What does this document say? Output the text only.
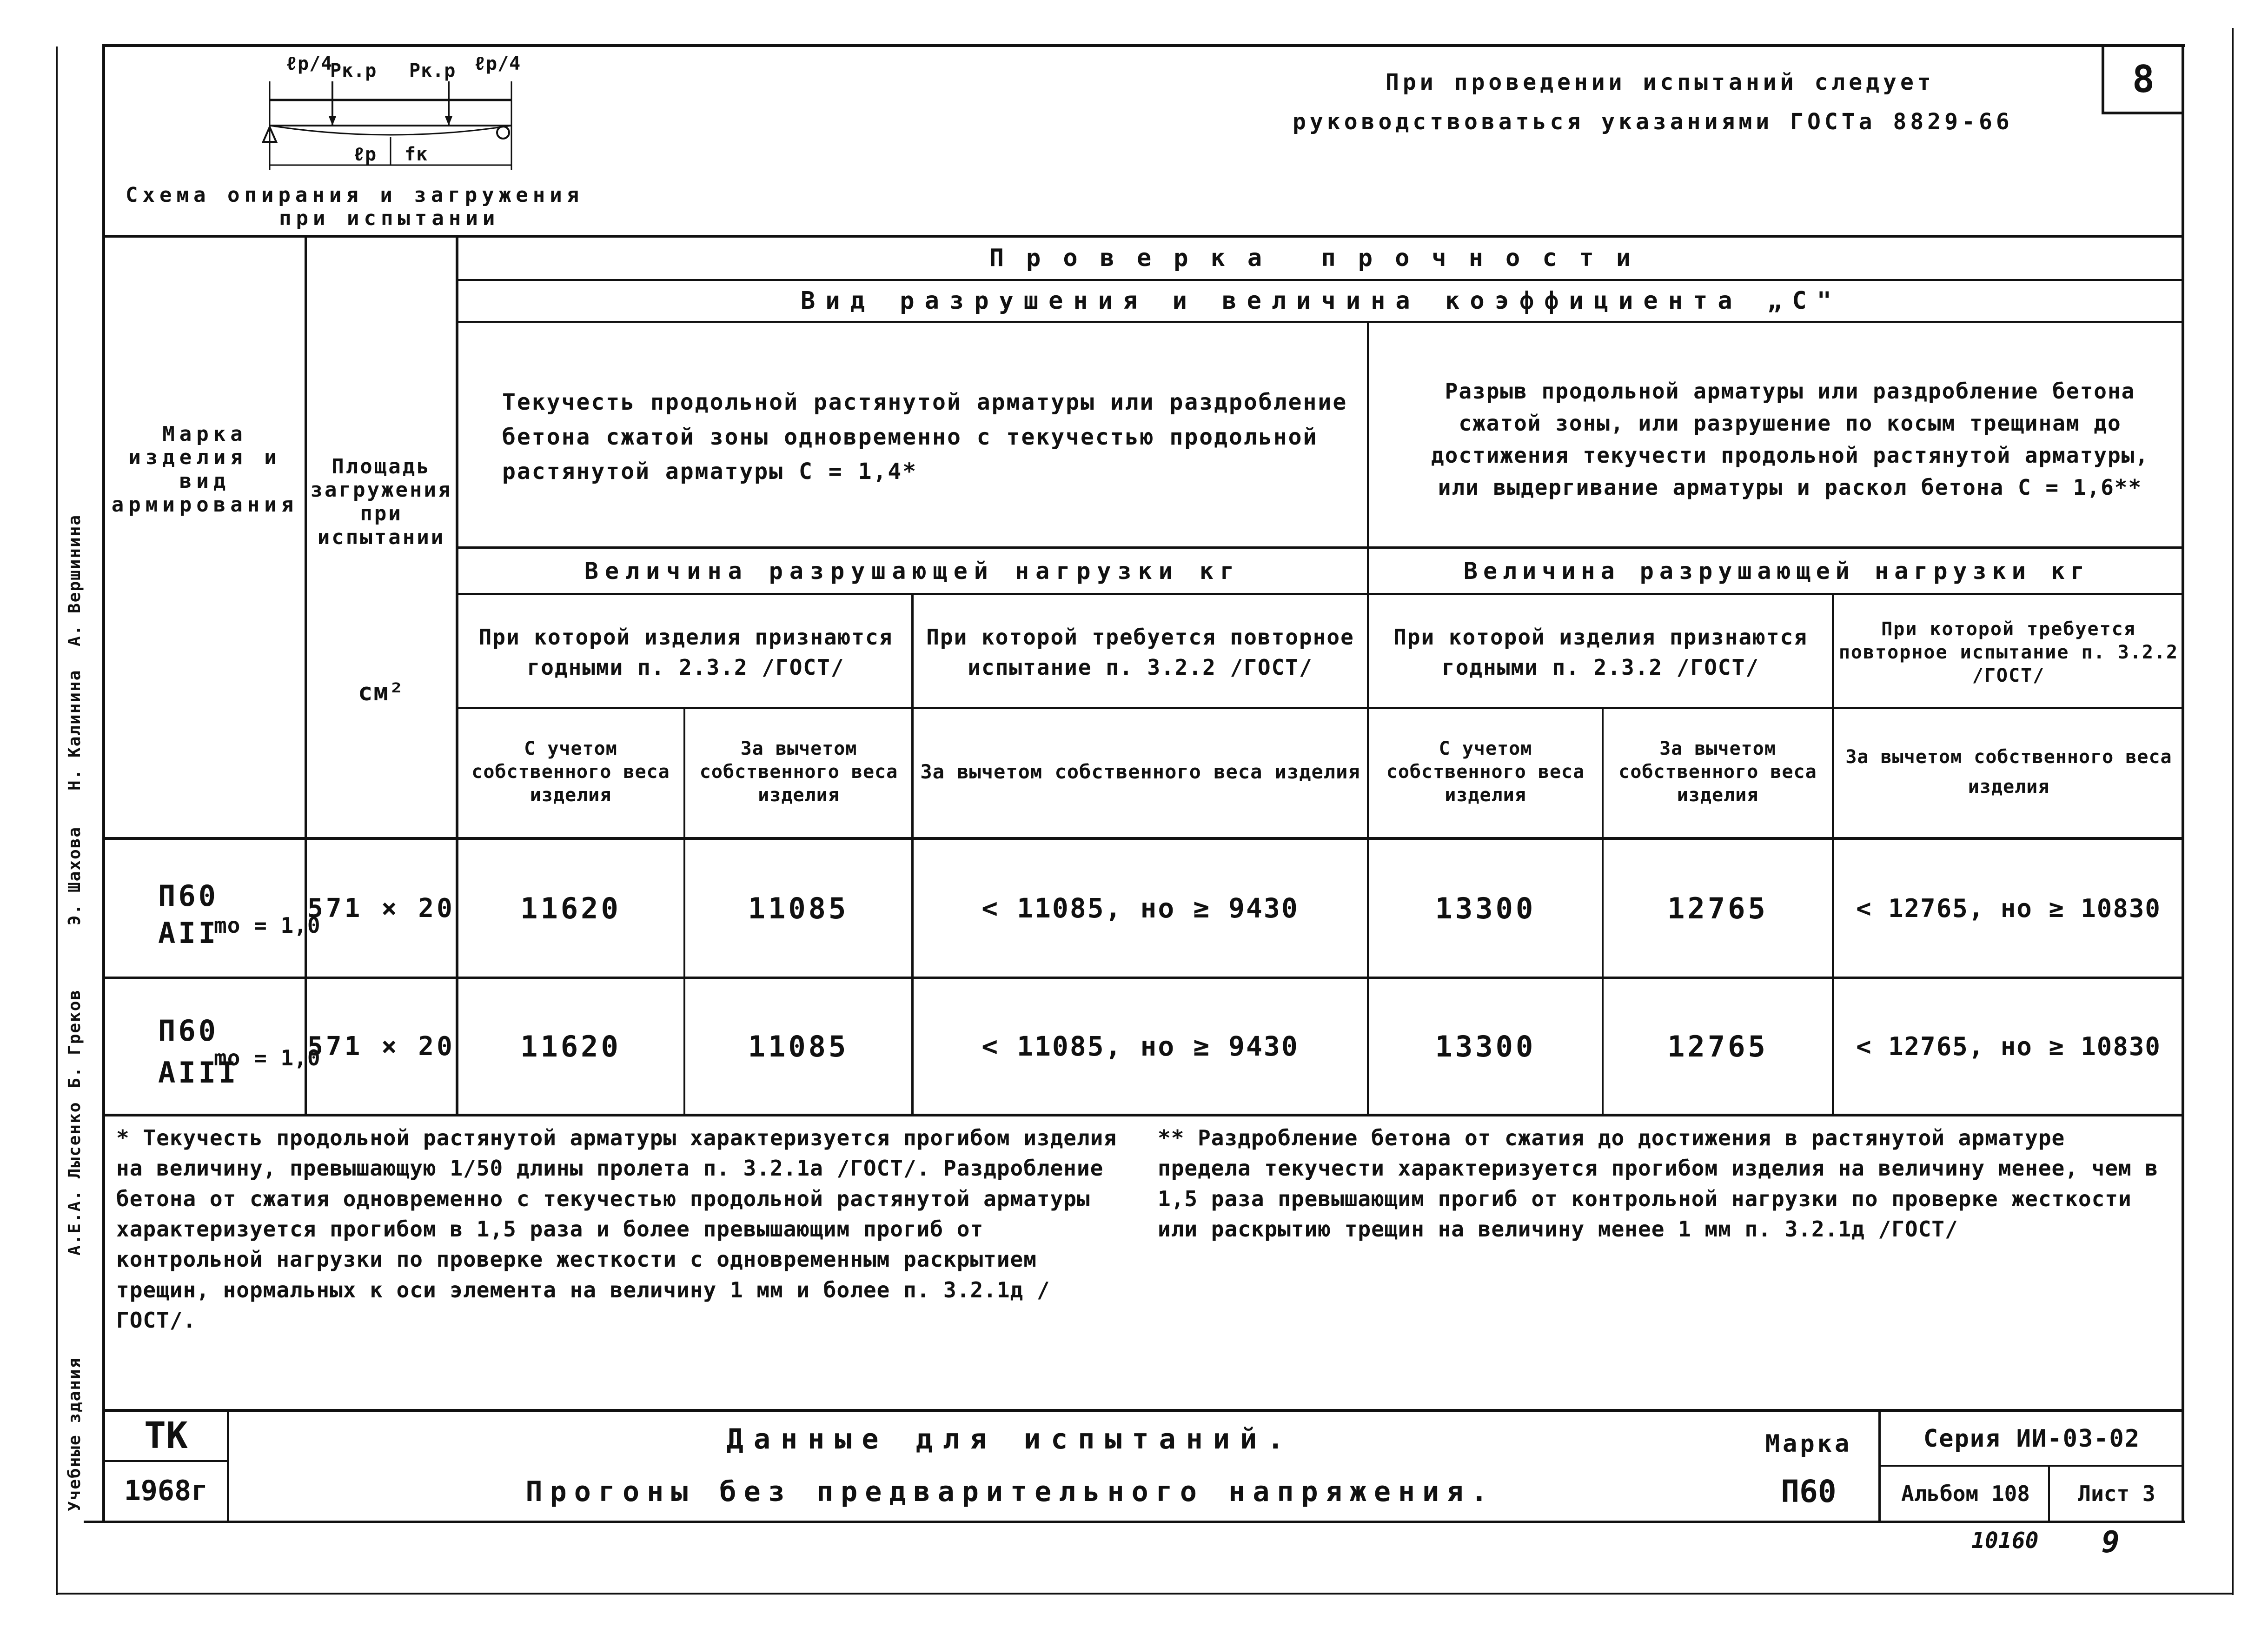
А. Вершинина
Н. Калинина
Э. Шахова
Б. Греков
А.Е.А. Лысенко
Учебные здания
При проведении испытаний следует
руководствоваться указаниями ГОСТа 8829-66
8
ℓр/4
Pк.р Pк.р ℓр/4
ℓр fк
Схема опирания и загружения
при испытании
Марка изделия и вид армирования
Площадь загружения при испытании
см²
Проверка прочности
Вид разрушения и величина коэффициента „С"
Текучесть продольной растянутой арматуры или раздробление бетона сжатой зоны одновременно с текучестью продольной растянутой арматуры С = 1,4*
Разрыв продольной арматуры или раздробление бетона сжатой зоны, или разрушение по косым трещинам до достижения текучести продольной растянутой арматуры, или выдергивание арматуры и раскол бетона С = 1,6**
Величина разрушающей нагрузки кг	Величина разрушающей нагрузки кг
При которой изделия признаются годными п. 2.3.2 /ГОСТ/
При которой требуется повторное испытание п. 3.2.2 /ГОСТ/
При которой изделия признаются годными п. 2.3.2 /ГОСТ/
При которой требуется повторное испытание п. 3.2.2 /ГОСТ/
С учетом собственного веса изделия
За вычетом собственного веса изделия
За вычетом собственного веса изделия
С учетом собственного веса изделия
За вычетом собственного веса изделия
За вычетом собственного веса изделия
П60
АII
mо = 1,0
571 × 20	11620	11085	< 11085, но ≥ 9430	13300	12765	< 12765, но ≥ 10830
П60
АIII
mо = 1,0
571 × 20	11620	11085	< 11085, но ≥ 9430	13300	12765	< 12765, но ≥ 10830
* Текучесть продольной растянутой арматуры характеризуется прогибом изделия на величину, превышающую 1/50 длины пролета п. 3.2.1а /ГОСТ/. Раздробление бетона от сжатия одновременно с текучестью продольной растянутой арматуры характеризуется прогибом в 1,5 раза и более превышающим прогиб от контрольной нагрузки по проверке жесткости с одновременным раскрытием трещин, нормальных к оси элемента на величину 1 мм и более п. 3.2.1д /ГОСТ/.
** Раздробление бетона от сжатия до достижения в растянутой арматуре предела текучести характеризуется прогибом изделия на величину менее, чем в 1,5 раза превышающим прогиб от контрольной нагрузки по проверке жесткости или раскрытию трещин на величину менее 1 мм п. 3.2.1д /ГОСТ/
ТК
1968г
Данные для испытаний.
Прогоны без предварительного напряжения.
Марка
П60
Серия ИИ-03-02
Альбом 108	Лист 3
10160 9
